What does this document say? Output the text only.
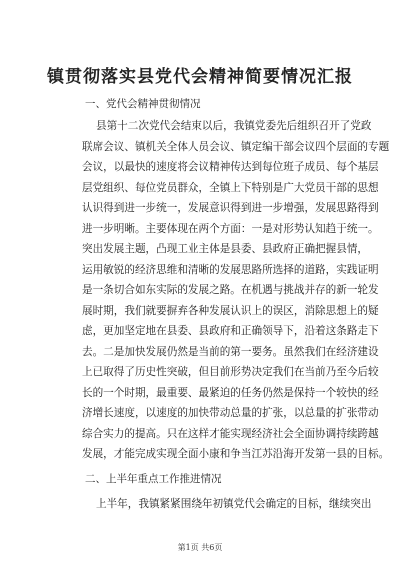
镇贯彻落实县党代会精神简要情况汇报
一、党代会精神贯彻情况
县第十二次党代会结束以后，我镇党委先后组织召开了党政
联席会议、镇机关全体人员会议、镇定编干部会议四个层面的专题
会议，以最快的速度将会议精神传达到每位班子成员、每个基层
层党组织、每位党员群众，全镇上下特别是广大党员干部的思想
认识得到进一步统一，发展意识得到进一步增强，发展思路得到
进一步明晰。主要体现在两个方面：一是对形势认知趋于统一。
突出发展主题，凸现工业主体是县委、县政府正确把握县情，
运用敏锐的经济思维和清晰的发展思路所选择的道路，实践证明
是一条切合如东实际的发展之路。在机遇与挑战并存的新一轮发
展时期，我们就要摒弃各种发展认识上的误区，消除思想上的疑
虑，更加坚定地在县委、县政府和正确领导下，沿着这条路走下
去。二是加快发展仍然是当前的第一要务。虽然我们在经济建设
上已取得了历史性突破，但目前形势决定我们在当前乃至今后较
长的一个时期，最重要、最紧迫的任务仍然是保持一个较快的经
济增长速度，以速度的加快带动总量的扩张，以总量的扩张带动
综合实力的提高。只在这样才能实现经济社会全面协调持续跨越
发展，才能完成实现全面小康和争当江苏沿海开发第一县的目标。
二、上半年重点工作推进情况
上半年，我镇紧紧围绕年初镇党代会确定的目标，继续突出
第1页 共6页
